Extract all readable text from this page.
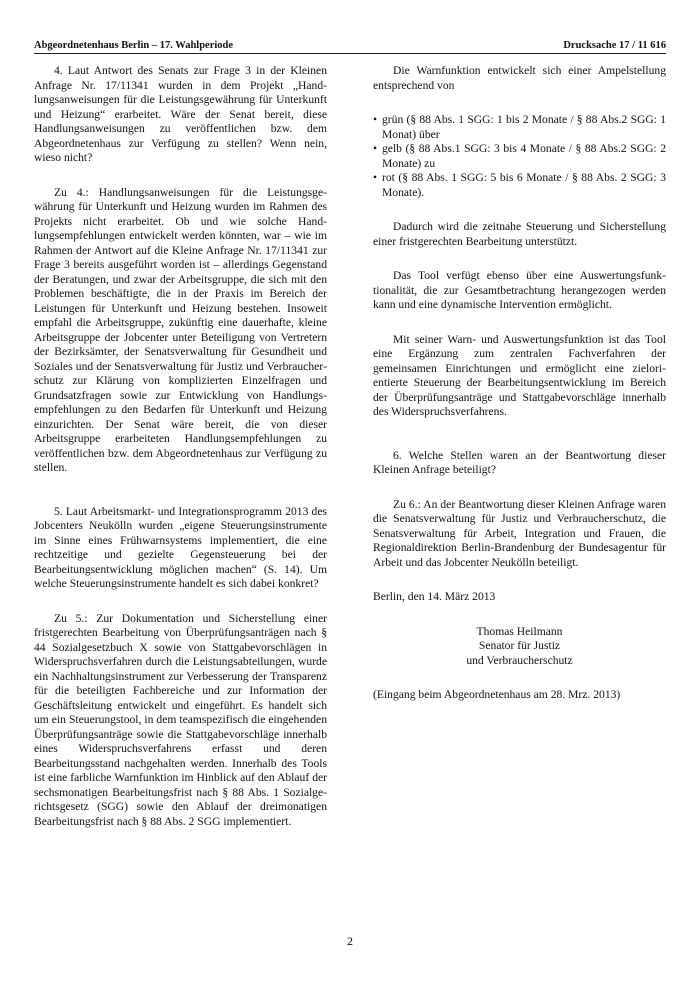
Abgeordnetenhaus Berlin – 17. Wahlperiode	Drucksache 17 / 11 616

4. Laut Antwort des Senats zur Frage 3 in der Kleinen Anfrage Nr. 17/11341 wurden in dem Projekt „Handlungsanweisungen für die Leistungsgewährung für Unterkunft und Heizung“ erarbeitet. Wäre der Senat bereit, diese Handlungsanweisungen zu veröffentlichen bzw. dem Abgeordnetenhaus zur Verfügung zu stellen? Wenn nein, wieso nicht?

Zu 4.: Handlungsanweisungen für die Leistungsgewährung für Unterkunft und Heizung wurden im Rahmen des Projekts nicht erarbeitet. Ob und wie solche Handlungsempfehlungen entwickelt werden könnten, war – wie im Rahmen der Antwort auf die Kleine Anfrage Nr. 17/11341 zur Frage 3 bereits ausgeführt worden ist – allerdings Gegenstand der Beratungen, und zwar der Arbeitsgruppe, die sich mit den Problemen beschäftigte, die in der Praxis im Bereich der Leistungen für Unterkunft und Heizung bestehen. Insoweit empfahl die Arbeitsgruppe, zukünftig eine dauerhafte, kleine Arbeitsgruppe der Jobcenter unter Beteiligung von Vertretern der Bezirksämter, der Senatsverwaltung für Gesundheit und Soziales und der Senatsverwaltung für Justiz und Verbraucherschutz zur Klärung von komplizierten Einzelfragen und Grundsatzfragen sowie zur Entwicklung von Handlungsempfehlungen zu den Bedarfen für Unterkunft und Heizung einzurichten. Der Senat wäre bereit, die von dieser Arbeitsgruppe erarbeiteten Handlungsempfehlungen zu veröffentlichen bzw. dem Abgeordnetenhaus zur Verfügung zu stellen.

5. Laut Arbeitsmarkt- und Integrationsprogramm 2013 des Jobcenters Neukölln wurden „eigene Steuerungsinstrumente im Sinne eines Frühwarnsystems implementiert, die eine rechtzeitige und gezielte Gegensteuerung bei der Bearbeitungsentwicklung möglichen machen“ (S. 14). Um welche Steuerungsinstrumente handelt es sich dabei konkret?

Zu 5.: Zur Dokumentation und Sicherstellung einer fristgerechten Bearbeitung von Überprüfungsanträgen nach § 44 Sozialgesetzbuch X sowie von Stattgabevorschlägen in Widerspruchsverfahren durch die Leistungsabteilungen, wurde ein Nachhaltungsinstrument zur Verbesserung der Transparenz für die beteiligten Fachbereiche und zur Information der Geschäftsleitung entwickelt und eingeführt. Es handelt sich um ein Steuerungstool, in dem teamspezifisch die eingehenden Überprüfungsanträge sowie die Stattgabevorschläge innerhalb eines Widerspruchsverfahrens erfasst und deren Bearbeitungsstand nachgehalten werden. Innerhalb des Tools ist eine farbliche Warnfunktion im Hinblick auf den Ablauf der sechsmonatigen Bearbeitungsfrist nach § 88 Abs. 1 Sozialgerichtsgesetz (SGG) sowie den Ablauf der dreimonatigen Bearbeitungsfrist nach § 88 Abs. 2 SGG implementiert.

Die Warnfunktion entwickelt sich einer Ampelstellung entsprechend von

• grün (§ 88 Abs. 1 SGG: 1 bis 2 Monate / § 88 Abs.2 SGG: 1 Monat) über
• gelb (§ 88 Abs.1 SGG: 3 bis 4 Monate / § 88 Abs.2 SGG: 2 Monate) zu
• rot (§ 88 Abs. 1 SGG: 5 bis 6 Monate / § 88 Abs. 2 SGG: 3 Monate).

Dadurch wird die zeitnahe Steuerung und Sicherstellung einer fristgerechten Bearbeitung unterstützt.

Das Tool verfügt ebenso über eine Auswertungsfunktionalität, die zur Gesamtbetrachtung herangezogen werden kann und eine dynamische Intervention ermöglicht.

Mit seiner Warn- und Auswertungsfunktion ist das Tool eine Ergänzung zum zentralen Fachverfahren der gemeinsamen Einrichtungen und ermöglicht eine zielorientierte Steuerung der Bearbeitungsentwicklung im Bereich der Überprüfungsanträge und Stattgabevorschläge innerhalb des Widerspruchsverfahrens.

6. Welche Stellen waren an der Beantwortung dieser Kleinen Anfrage beteiligt?

Zu 6.: An der Beantwortung dieser Kleinen Anfrage waren die Senatsverwaltung für Justiz und Verbraucherschutz, die Senatsverwaltung für Arbeit, Integration und Frauen, die Regionaldirektion Berlin-Brandenburg der Bundesagentur für Arbeit und das Jobcenter Neukölln beteiligt.

Berlin, den 14. März 2013

Thomas Heilmann
Senator für Justiz
und Verbraucherschutz

(Eingang beim Abgeordnetenhaus am 28. Mrz. 2013)

2
